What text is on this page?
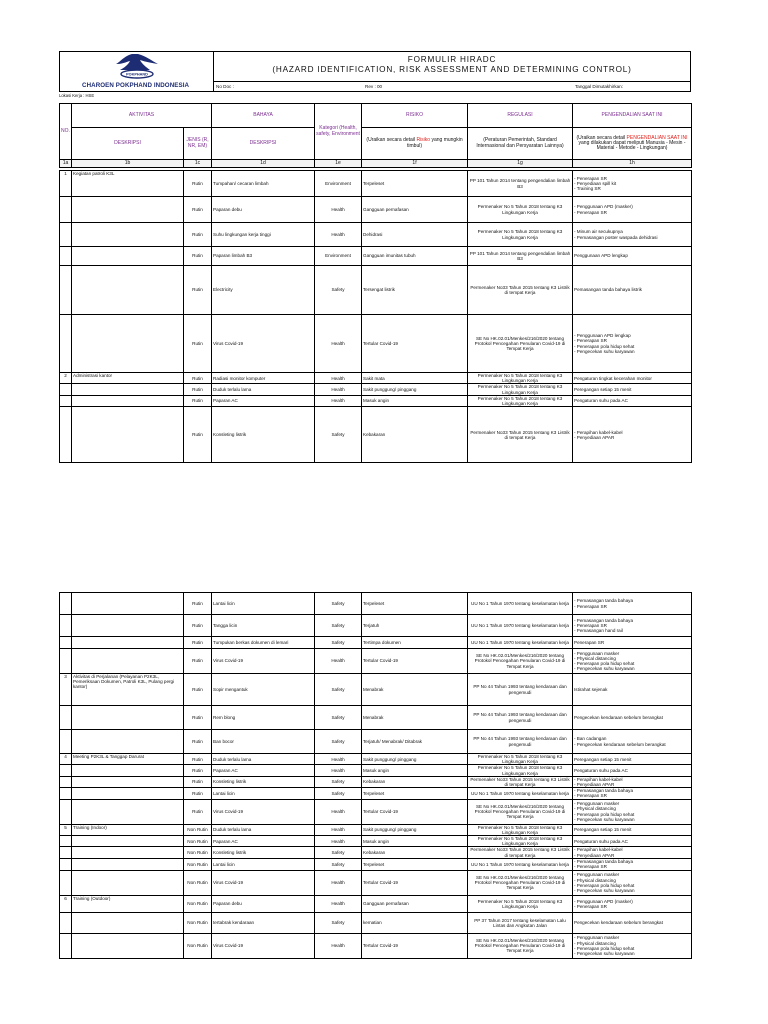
POKPHAND
CHAROEN POKPHAND INDONESIA
FORMULIR HIRADC
(HAZARD IDENTIFICATION, RISK ASSESSMENT AND DETERMINING CONTROL)
No Doc :	Rev : 00	Tanggal Dimutakhirkan:
Lokasi Kerja : HSE
NO.	AKTIVITAS		BAHAYA	Kategori (Health, safety, Environment	RISIKO	REGULASI	PENGENDALIAN SAAT INI
	DESKRIPSI	JENIS (R, NR, EM)	DESKRIPSI		(Uraikan secara detail Risiko yang mungkin timbul)	(Peraturan Pemerintah, Standard Internasional dan Persyaratan Lainnya)	(Uraikan secara detail PENGENDALIAN SAAT INI yang dilakukan dapat meliputi Manusia - Mesin - Material - Metode - Lingkungan)
1a	1b	1c	1d	1e	1f	1g	1h
1	Kegiatan patroli K3L	Rutin	Tumpahan/ cecaran limbah	Environment	Terpeleset	PP 101 Tahun 2014 tentang pengendalian limbah B3	- Penerapan SR
- Penyediaan spill kit
- Training SR
		Rutin	Paparan debu	Health	Gangguan pernafasan	Permenaker No 5 Tahun 2018 tentang K3 Lingkungan Kerja	- Penggunaan APD (masker)
- Penerapan SR
		Rutin	Suhu lingkungan kerja tinggi	Health	Dehidrasi	Permenaker No 5 Tahun 2018 tentang K3 Lingkungan Kerja	- Minum air secukupnya
- Pemasangan poster waspada dehidrasi
		Rutin	Paparan limbah B3	Environment	Gangguan imunitas tubuh	PP 101 Tahun 2014 tentang pengendalian limbah B3	Penggunaan APD lengkap
		Rutin	Electricity	Safety	Tersengat listrik	Permenaker No33 Tahun 2015 tentang K3 Listrik di tempat Kerja	Pemasangan tanda bahaya listrik
		Rutin	Virus Covid-19	Health	Tertular Covid-19	SE No HK.02.01/Menkes/216/2020 tentang Protokol Pencegahan Penularan Covid-19 di Tempat Kerja	- Penggunaan APD lengkap
- Penerapan SR
- Penerapan pola hidup sehat
- Pengecekan suhu karyawan
2	Administrasi kantor	Rutin	Radiasi monitor komputer	Health	Sakit mata	Permenaker No 5 Tahun 2018 tentang K3 Lingkungan Kerja	Pengaturan tingkat kecerahan monitor
		Rutin	Duduk terlalu lama	Health	Sakit punggung/ pinggang	Permenaker No 5 Tahun 2018 tentang K3 Lingkungan Kerja	Peregangan setiap 15 menit
		Rutin	Paparan AC	Health	Masuk angin	Permenaker No 5 Tahun 2018 tentang K3 Lingkungan Kerja	Pengaturan suhu pada AC
		Rutin	Konsleting listrik	Safety	Kebakaran	Permenaker No33 Tahun 2015 tentang K3 Listrik di tempat Kerja	- Perapihan kabel-kabel
- Penyediaan APAR
		Rutin	Lantai licin	Safety	Terpeleset	UU No 1 Tahun 1970 tentang keselamatan kerja	- Pemasangan tanda bahaya
- Penerapan SR
		Rutin	Tangga licin	Safety	Terjatuh	UU No 1 Tahun 1970 tentang keselamatan kerja	- Pemasangan tanda bahaya
- Penerapan SR
- Pemasangan hand rail
		Rutin	Tumpukan berkas dokumen di lemari	Safety	Tertimpa dokumen	UU No 1 Tahun 1970 tentang keselamatan kerja	Penerapan SR
		Rutin	Virus Covid-19	Health	Tertular Covid-19	SE No HK.02.01/Menkes/216/2020 tentang Protokol Pencegahan Penularan Covid-19 di Tempat Kerja	- Penggunaan masker
- Physical distancing
- Penerapan pola hidup sehat
- Pengecekan suhu karyawan
3	Aktivitas di Perjalanan (Pelayanan P2K3L, Pemeriksaan Dokumen, Patroli K3L, Pulang pergi kantor)	Rutin	Sopir mengantuk	Safety	Menabrak	PP No 44 Tahun 1993 tentang kendaraan dan pengemudi	Istirahat sejenak
		Rutin	Rem blong	Safety	Menabrak	PP No 44 Tahun 1993 tentang kendaraan dan pengemudi	Pengecekan kendaraan sebelum berangkat
		Rutin	Ban bocor	Safety	Terjatuh/ Menabrak/ Ditabrak	PP No 44 Tahun 1993 tentang kendaraan dan pengemudi	- Ban cadangan
- Pengecekan kendaraan sebelum berangkat
4	Meeting P2K3L & Tanggap Darurat	Rutin	Duduk terlalu lama	Health	Sakit punggung/ pinggang	Permenaker No 5 Tahun 2018 tentang K3 Lingkungan Kerja	Peregangan setiap 15 menit
		Rutin	Paparan AC	Health	Masuk angin	Permenaker No 5 Tahun 2018 tentang K3 Lingkungan Kerja	Pengaturan suhu pada AC
		Rutin	Konsleting listrik	Safety	Kebakaran	Permenaker No33 Tahun 2015 tentang K3 Listrik di tempat Kerja	- Perapihan kabel-kabel
- Penyediaan APAR
		Rutin	Lantai licin	Safety	Terpeleset	UU No 1 Tahun 1970 tentang keselamatan kerja	- Pemasangan tanda bahaya
- Penerapan SR
		Rutin	Virus Covid-19	Health	Tertular Covid-19	SE No HK.02.01/Menkes/216/2020 tentang Protokol Pencegahan Penularan Covid-19 di Tempat Kerja	- Penggunaan masker
- Physical distancing
- Penerapan pola hidup sehat
- Pengecekan suhu karyawan
5	Training (Indoor)	Non Rutin	Duduk terlalu lama	Health	Sakit punggung/ pinggang	Permenaker No 5 Tahun 2018 tentang K3 Lingkungan Kerja	Peregangan setiap 15 menit
		Non Rutin	Paparan AC	Health	Masuk angin	Permenaker No 5 Tahun 2018 tentang K3 Lingkungan Kerja	Pengaturan suhu pada AC
		Non Rutin	Konsleting listrik	Safety	Kebakaran	Permenaker No33 Tahun 2015 tentang K3 Listrik di tempat Kerja	- Perapihan kabel-kabel
- Penyediaan APAR
		Non Rutin	Lantai licin	Safety	Terpeleset	UU No 1 Tahun 1970 tentang keselamatan kerja	- Pemasangan tanda bahaya
- Penerapan SR
		Non Rutin	Virus Covid-19	Health	Tertular Covid-19	SE No HK.02.01/Menkes/216/2020 tentang Protokol Pencegahan Penularan Covid-19 di Tempat Kerja	- Penggunaan masker
- Physical distancing
- Penerapan pola hidup sehat
- Pengecekan suhu karyawan
6	Training (Outdoor)	Non Rutin	Paparan debu	Health	Gangguan pernafasan	Permenaker No 5 Tahun 2018 tentang K3 Lingkungan Kerja	- Penggunaan APD (masker)
- Penerapan SR
		Non Rutin	tertabrak kendaraan	Safety	kematian	PP 37 Tahun 2017 tentang keselamatan Lalu Lintas dan Angkutan Jalan	Pengecekan kendaraan sebelum berangkat
		Non Rutin	Virus Covid-19	Health	Tertular Covid-19	SE No HK.02.01/Menkes/216/2020 tentang Protokol Pencegahan Penularan Covid-19 di Tempat Kerja	- Penggunaan masker
- Physical distancing
- Penerapan pola hidup sehat
- Pengecekan suhu karyawan
